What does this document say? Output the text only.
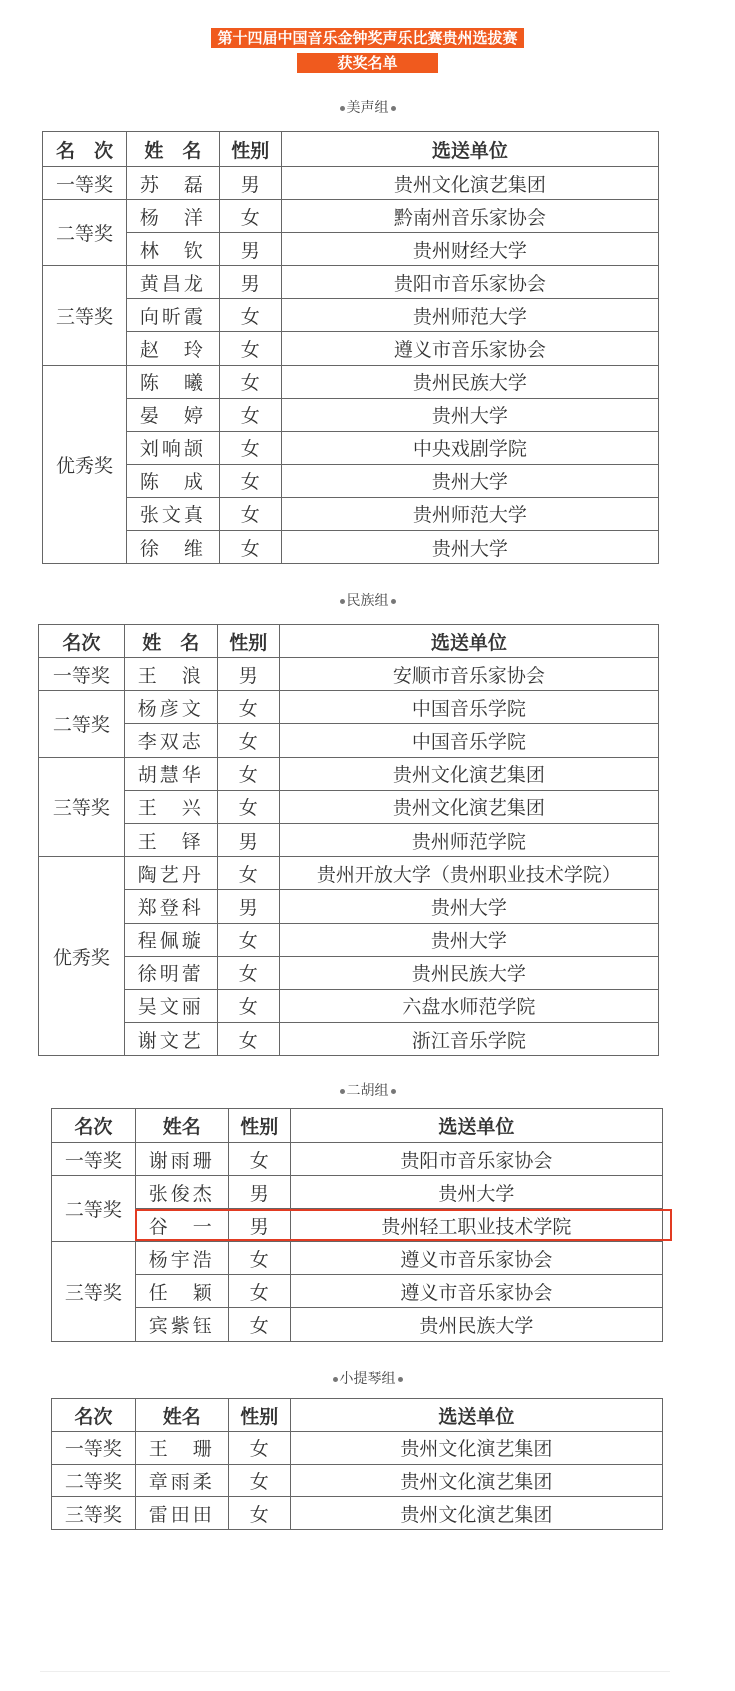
第十四届中国音乐金钟奖声乐比赛贵州选拔赛
获奖名单
美声组
名　次	姓　名	性别	选送单位
一等奖	苏　磊	男	贵州文化演艺集团
二等奖	杨　洋	女	黔南州音乐家协会
	林　钦	男	贵州财经大学
三等奖	黄昌龙	男	贵阳市音乐家协会
	向昕霞	女	贵州师范大学
	赵　玲	女	遵义市音乐家协会
优秀奖	陈　曦	女	贵州民族大学
	晏　婷	女	贵州大学
	刘响颉	女	中央戏剧学院
	陈　成	女	贵州大学
	张文真	女	贵州师范大学
	徐　维	女	贵州大学
民族组
名次	姓　名	性别	选送单位
一等奖	王　浪	男	安顺市音乐家协会
二等奖	杨彦文	女	中国音乐学院
	李双志	女	中国音乐学院
三等奖	胡慧华	女	贵州文化演艺集团
	王　兴	女	贵州文化演艺集团
	王　铎	男	贵州师范学院
优秀奖	陶艺丹	女	贵州开放大学（贵州职业技术学院）
	郑登科	男	贵州大学
	程佩璇	女	贵州大学
	徐明蕾	女	贵州民族大学
	吴文丽	女	六盘水师范学院
	谢文艺	女	浙江音乐学院
二胡组
名次	姓名	性别	选送单位
一等奖	谢雨珊	女	贵阳市音乐家协会
二等奖	张俊杰	男	贵州大学
	谷　一	男	贵州轻工职业技术学院
三等奖	杨宇浩	女	遵义市音乐家协会
	任　颖	女	遵义市音乐家协会
	宾紫钰	女	贵州民族大学
小提琴组
名次	姓名	性别	选送单位
一等奖	王　珊	女	贵州文化演艺集团
二等奖	章雨柔	女	贵州文化演艺集团
三等奖	雷田田	女	贵州文化演艺集团
